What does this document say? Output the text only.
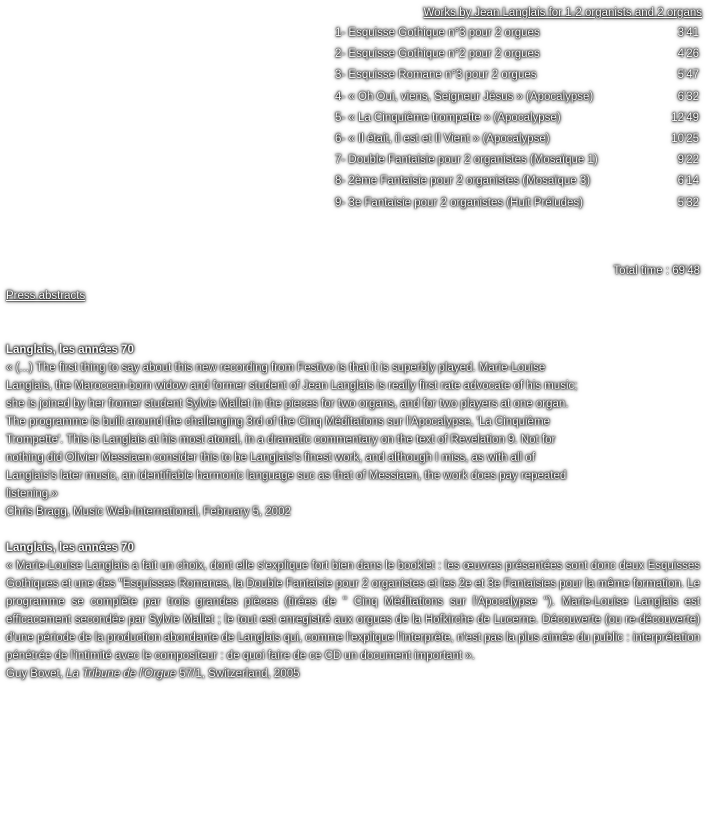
Works by Jean Langlais for 1-2 organists and 2 organs
1- Esquisse Gothique n°3 pour 2 orgues	3'41
2- Esquisse Gothique n°2 pour 2 orgues	4'26
3- Esquisse Romane n°3 pour 2 orgues	5'47
4- « Oh Oui, viens, Seigneur Jésus » (Apocalypse)	6'32
5- « La Cinquième trompette » (Apocalypse)	12'49
6- « Il était, il est et Il Vient » (Apocalypse)	10'25
7- Double Fantaisie pour 2 organistes (Mosaïque 1)	9'22
8- 2ème Fantaisie pour 2 organistes (Mosaïque 3)	6'14
9- 3e Fantaisie pour 2 organistes (Huit Préludes)	5'32
Total time : 69'48
Press abstracts
Langlais, les années 70
« (...) The first thing to say about this new recording from Festivo is that it is superbly played. Marie-Louise
Langlais, the Maroccan-born widow and former student of Jean Langlais is really first rate advocate of his music;
she is joined by her fromer student Sylvie Mallet in the pieces for two organs, and for two players at one organ.
The programme is built around the challenging 3rd of the Cinq Méditations sur l'Apocalypse, 'La Cinquième
Trompette'. This is Langlais at his most atonal, in a dramatic commentary on the text of Revelation 9. Not for
nothing did Olivier Messiaen consider this to be Langlais's finest work, and although I miss, as with all of
Langlais's later music, an identifiable harmonic language suc as that of Messiaen, the work does pay repeated
listening.»
Chris Bragg, Music Web-International, February 5, 2002
Langlais, les années 70
« Marie-Louise Langlais a fait un choix, dont elle s'explique fort bien dans le booklet : les œuvres présentées sont donc deux Esquisses Gothiques et une des "Esquisses Romanes, la Double Fantaisie pour 2 organistes et les 2e et 3e Fantaisies pour la même formation. Le programme se complète par trois grandes pièces (tirées de " Cinq Méditations sur l'Apocalypse "). Marie-Louise Langlais est efficacement secondée par Sylvie Mallet ; le tout est enregistré aux orgues de la Hofkirche de Lucerne. Découverte (ou re-découverte) d'une période de la production abondante de Langlais qui, comme l'explique l'interprète, n'est pas la plus aimée du public : interprétation pénétrée de l'intimité avec le compositeur : de quoi faire de ce CD un document important ».
Guy Bovet, La Tribune de l'Orgue 57/1, Switzerland, 2005
